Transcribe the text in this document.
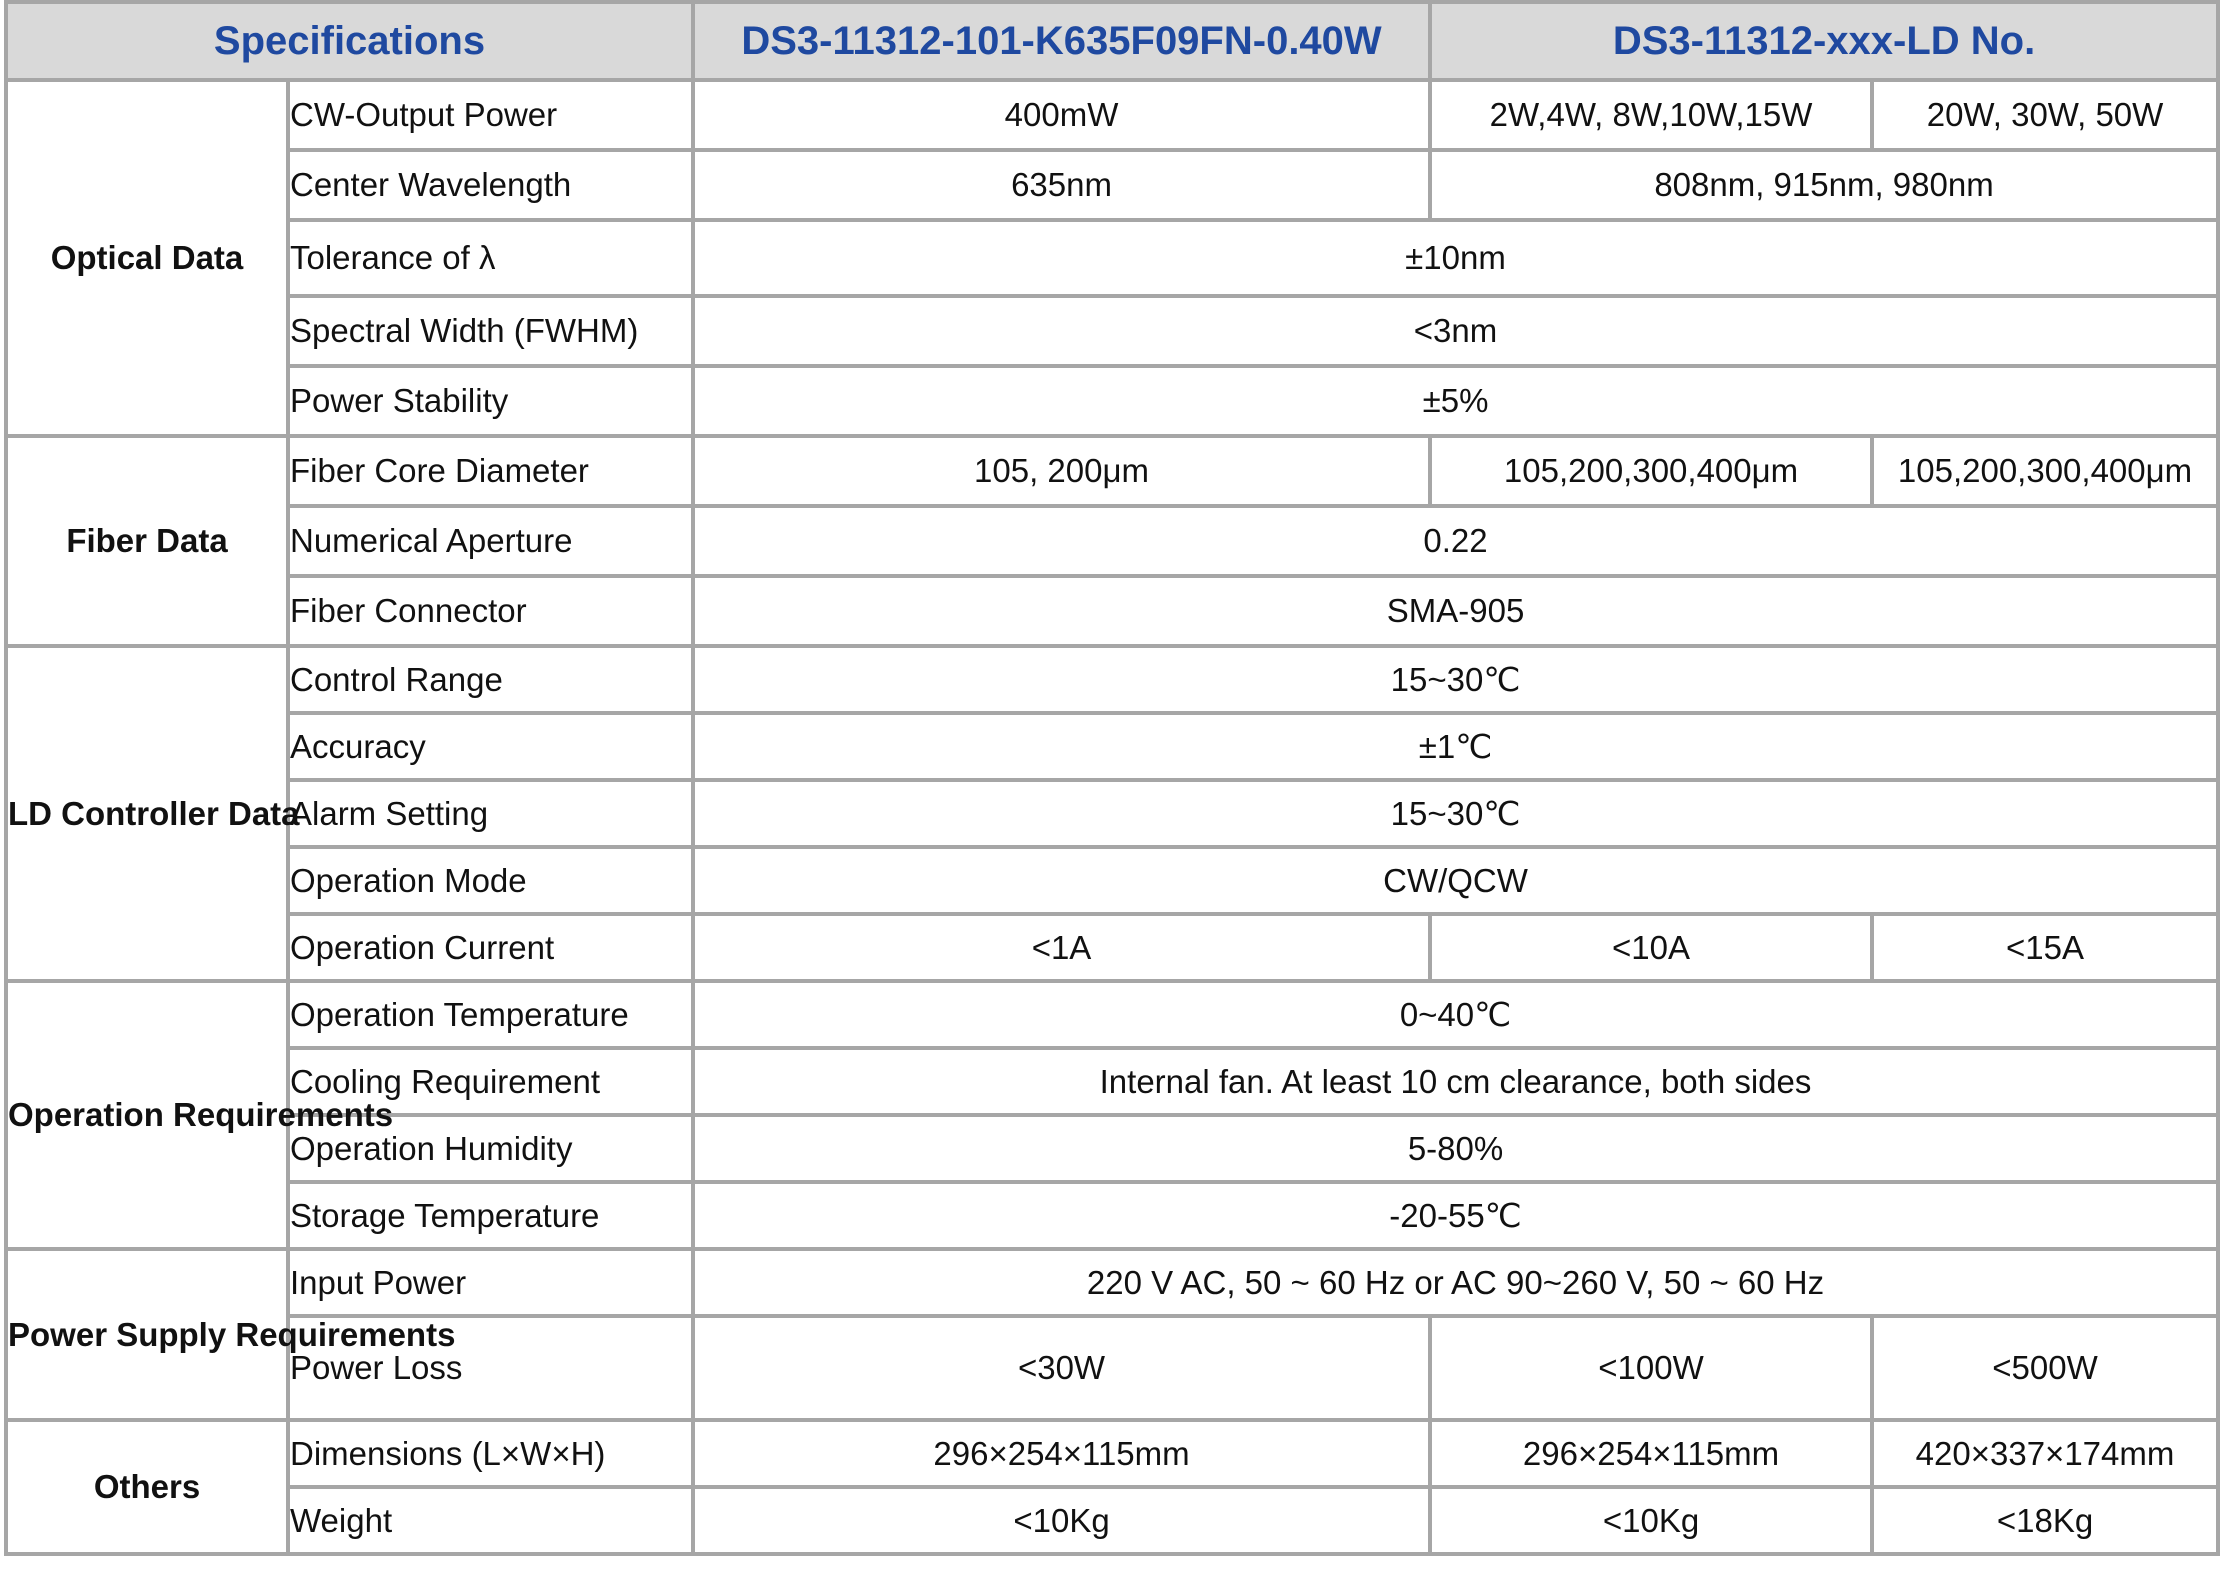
Specifications		DS3-11312-101-K635F09FN-0.40W	DS3-11312-xxx-LD No.	
Optical Data	CW-Output Power	400mW	2W,4W, 8W,10W,15W	20W, 30W, 50W
	Center Wavelength	635nm	808nm, 915nm, 980nm	
	Tolerance of λ	±10nm		
	Spectral Width (FWHM)	<3nm		
	Power Stability	±5%		
Fiber Data	Fiber Core Diameter	105, 200μm	105,200,300,400μm	105,200,300,400μm
	Numerical Aperture	0.22		
	Fiber Connector	SMA-905		
LD Controller Data	Control Range	15~30℃		
	Accuracy	±1℃		
	Alarm Setting	15~30℃		
	Operation Mode	CW/QCW		
	Operation Current	<1A	<10A	<15A
Operation Requirements	Operation Temperature	0~40℃		
	Cooling Requirement	Internal fan. At least 10 cm clearance, both sides		
	Operation Humidity	5-80%		
	Storage Temperature	-20-55℃		
Power Supply Requirements	Input Power	220 V AC, 50 ~ 60 Hz or AC 90~260 V, 50 ~ 60 Hz		
	Power Loss	<30W	<100W	<500W
Others	Dimensions (L×W×H)	296×254×115mm	296×254×115mm	420×337×174mm
	Weight	<10Kg	<10Kg	<18Kg
